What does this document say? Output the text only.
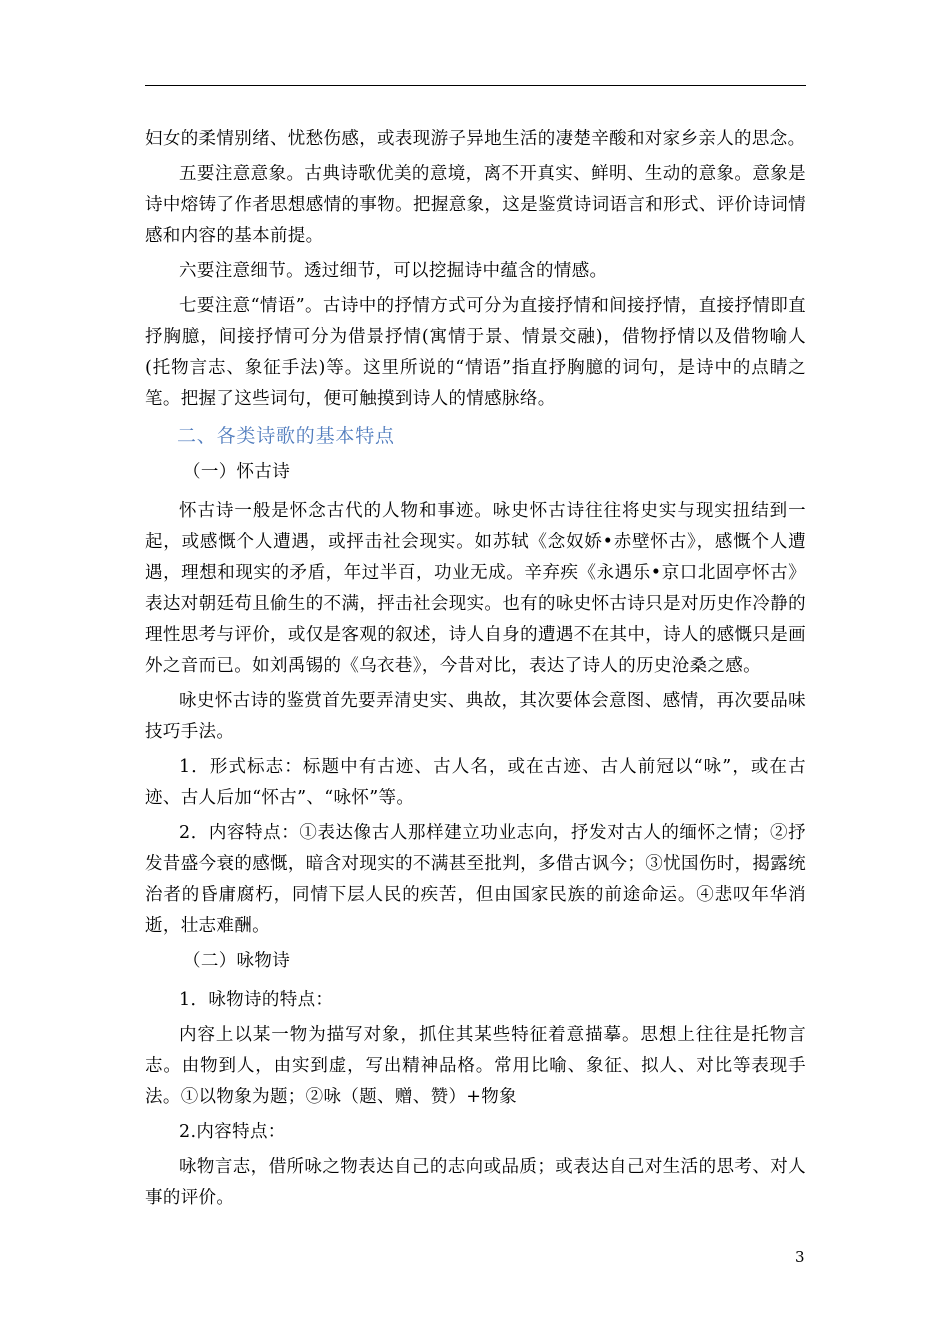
妇女的柔情别绪、忧愁伤感，或表现游子异地生活的凄楚辛酸和对家乡亲人的思念。

五要注意意象。古典诗歌优美的意境，离不开真实、鲜明、生动的意象。意象是诗中熔铸了作者思想感情的事物。把握意象，这是鉴赏诗词语言和形式、评价诗词情感和内容的基本前提。

六要注意细节。透过细节，可以挖掘诗中蕴含的情感。

七要注意“情语”。古诗中的抒情方式可分为直接抒情和间接抒情，直接抒情即直抒胸臆，间接抒情可分为借景抒情(寓情于景、情景交融)，借物抒情以及借物喻人(托物言志、象征手法)等。这里所说的“情语”指直抒胸臆的词句，是诗中的点睛之笔。把握了这些词句，便可触摸到诗人的情感脉络。

二、各类诗歌的基本特点

（一）怀古诗

怀古诗一般是怀念古代的人物和事迹。咏史怀古诗往往将史实与现实扭结到一起，或感慨个人遭遇，或抨击社会现实。如苏轼《念奴娇•赤壁怀古》，感慨个人遭遇，理想和现实的矛盾，年过半百，功业无成。辛弃疾《永遇乐•京口北固亭怀古》表达对朝廷苟且偷生的不满，抨击社会现实。也有的咏史怀古诗只是对历史作冷静的理性思考与评价，或仅是客观的叙述，诗人自身的遭遇不在其中，诗人的感慨只是画外之音而已。如刘禹锡的《乌衣巷》，今昔对比，表达了诗人的历史沧桑之感。

咏史怀古诗的鉴赏首先要弄清史实、典故，其次要体会意图、感情，再次要品味技巧手法。

1．形式标志：标题中有古迹、古人名，或在古迹、古人前冠以“咏”，或在古迹、古人后加“怀古”、“咏怀”等。

2．内容特点：①表达像古人那样建立功业志向，抒发对古人的缅怀之情；②抒发昔盛今衰的感慨，暗含对现实的不满甚至批判，多借古讽今；③忧国伤时，揭露统治者的昏庸腐朽，同情下层人民的疾苦，但由国家民族的前途命运。④悲叹年华消逝，壮志难酬。

（二）咏物诗

1．咏物诗的特点：

内容上以某一物为描写对象，抓住其某些特征着意描摹。思想上往往是托物言志。由物到人，由实到虚，写出精神品格。常用比喻、象征、拟人、对比等表现手法。①以物象为题；②咏（题、赠、赞）+物象

2.内容特点：

咏物言志，借所咏之物表达自己的志向或品质；或表达自己对生活的思考、对人事的评价。

3
